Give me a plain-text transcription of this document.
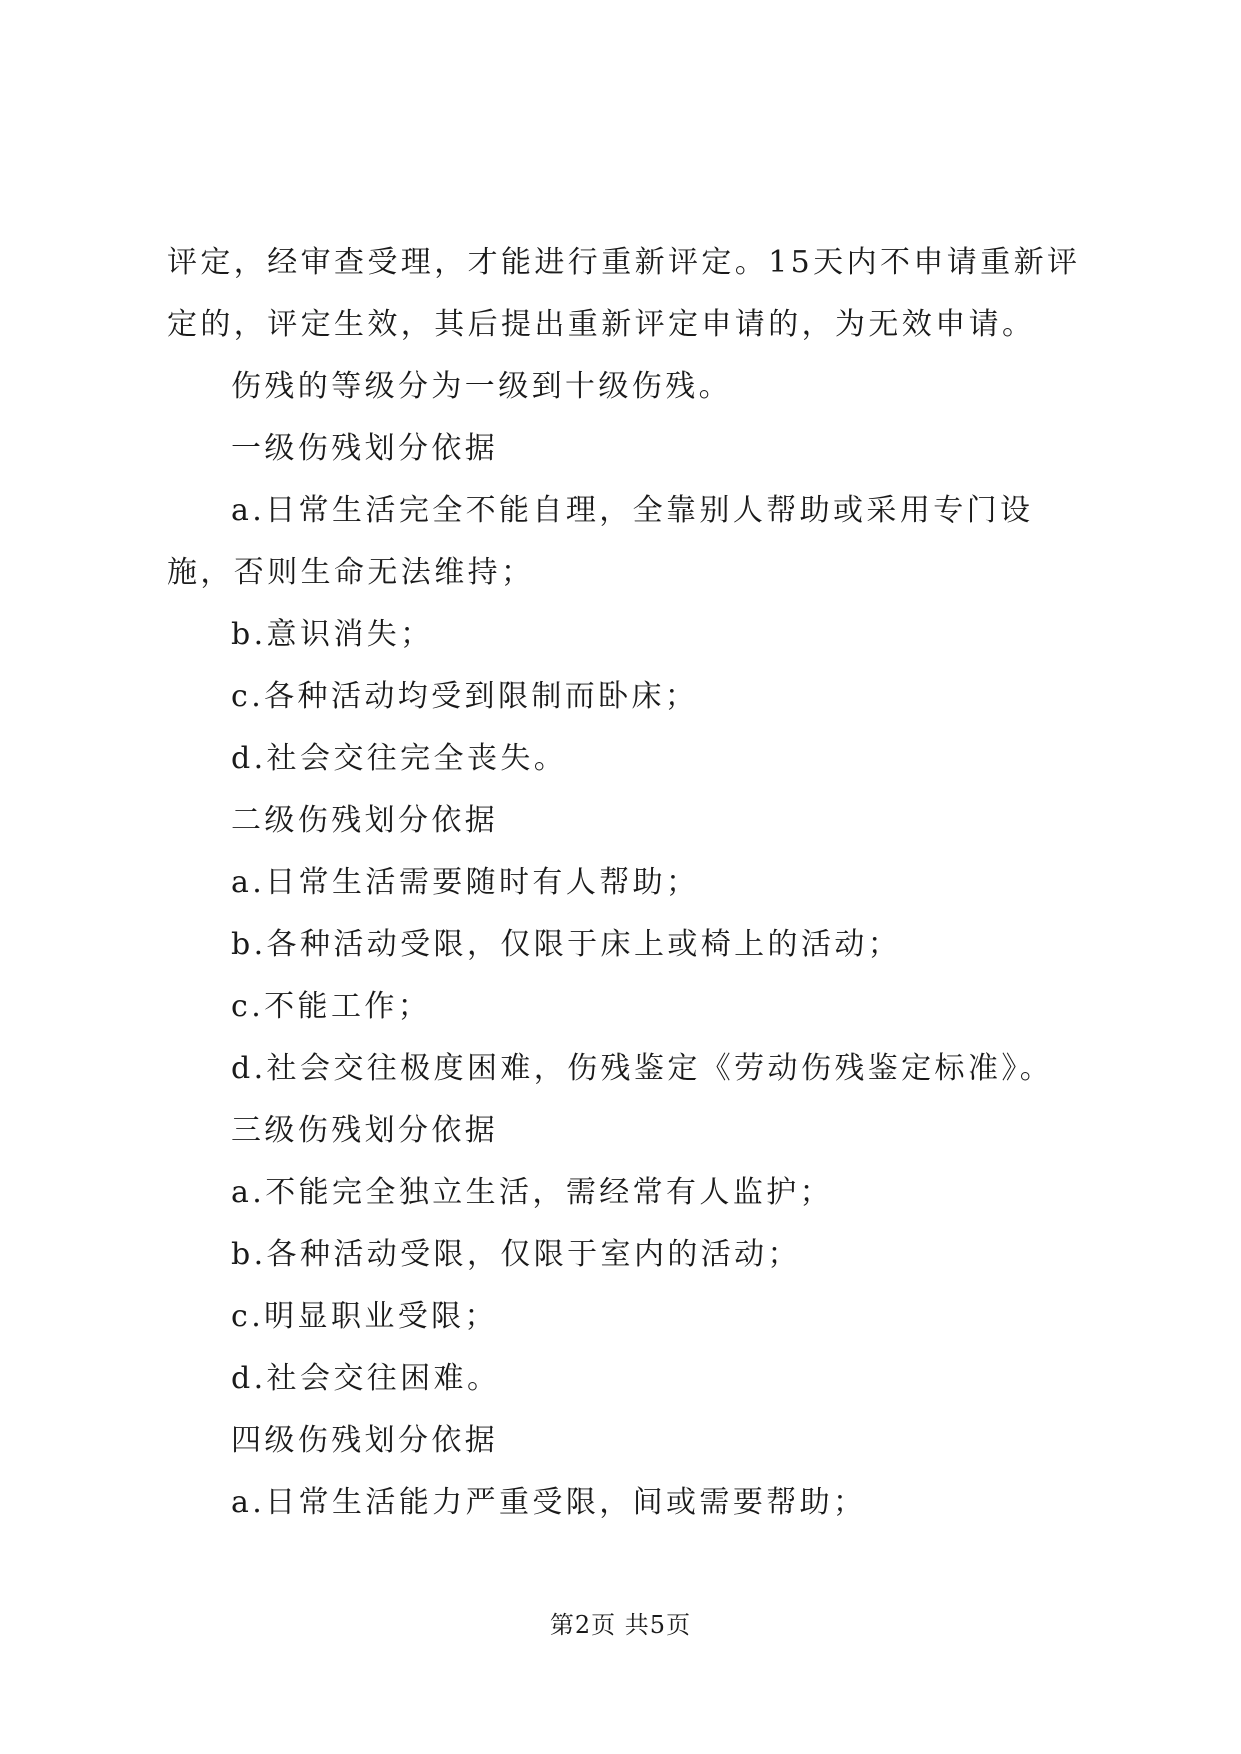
评定，经审查受理，才能进行重新评定。15天内不申请重新评定的，评定生效，其后提出重新评定申请的，为无效申请。

伤残的等级分为一级到十级伤残。

一级伤残划分依据

a.日常生活完全不能自理，全靠别人帮助或采用专门设施，否则生命无法维持；

b.意识消失；

c.各种活动均受到限制而卧床；

d.社会交往完全丧失。

二级伤残划分依据

a.日常生活需要随时有人帮助；

b.各种活动受限，仅限于床上或椅上的活动；

c.不能工作；

d.社会交往极度困难，伤残鉴定《劳动伤残鉴定标准》。

三级伤残划分依据

a.不能完全独立生活，需经常有人监护；

b.各种活动受限，仅限于室内的活动；

c.明显职业受限；

d.社会交往困难。

四级伤残划分依据

a.日常生活能力严重受限，间或需要帮助；

第2页 共5页
